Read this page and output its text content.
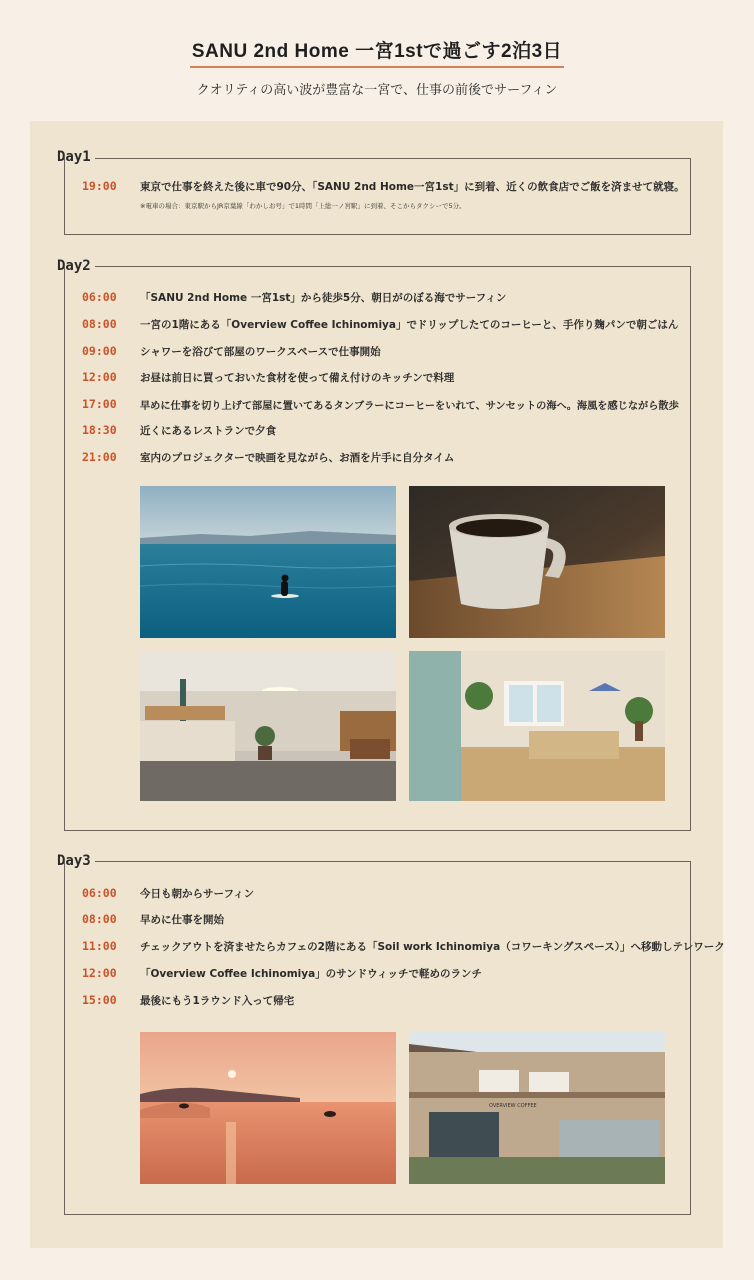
SANU 2nd Home 一宮1stで過ごす2泊3日
クオリティの高い波が豊富な一宮で、仕事の前後でサーフィン
Day1
19:00	東京で仕事を終えた後に車で90分、「SANU 2nd Home一宮1st」に到着、近くの飲食店でご飯を済ませて就寝。
※電車の場合：東京駅からJR京葉線「わかしお号」で1時間「上総一ノ宮駅」に到着、そこからタクシーで5分。
Day2
06:00	「SANU 2nd Home 一宮1st」から徒歩5分、朝日がのぼる海でサーフィン
08:00	一宮の1階にある「Overview Coffee Ichinomiya」でドリップしたてのコーヒーと、手作り麹パンで朝ごはん
09:00	シャワーを浴びて部屋のワークスペースで仕事開始
12:00	お昼は前日に買っておいた食材を使って備え付けのキッチンで料理
17:00	早めに仕事を切り上げて部屋に置いてあるタンブラーにコーヒーをいれて、サンセットの海へ。海風を感じながら散歩
18:30	近くにあるレストランで夕食
21:00	室内のプロジェクターで映画を見ながら、お酒を片手に自分タイム
Day3
06:00	今日も朝からサーフィン
08:00	早めに仕事を開始
11:00	チェックアウトを済ませたらカフェの2階にある「Soil work Ichinomiya（コワーキングスペース）」へ移動しテレワーク
12:00	「Overview Coffee Ichinomiya」のサンドウィッチで軽めのランチ
15:00	最後にもう1ラウンド入って帰宅
OVERVIEW COFFEE
